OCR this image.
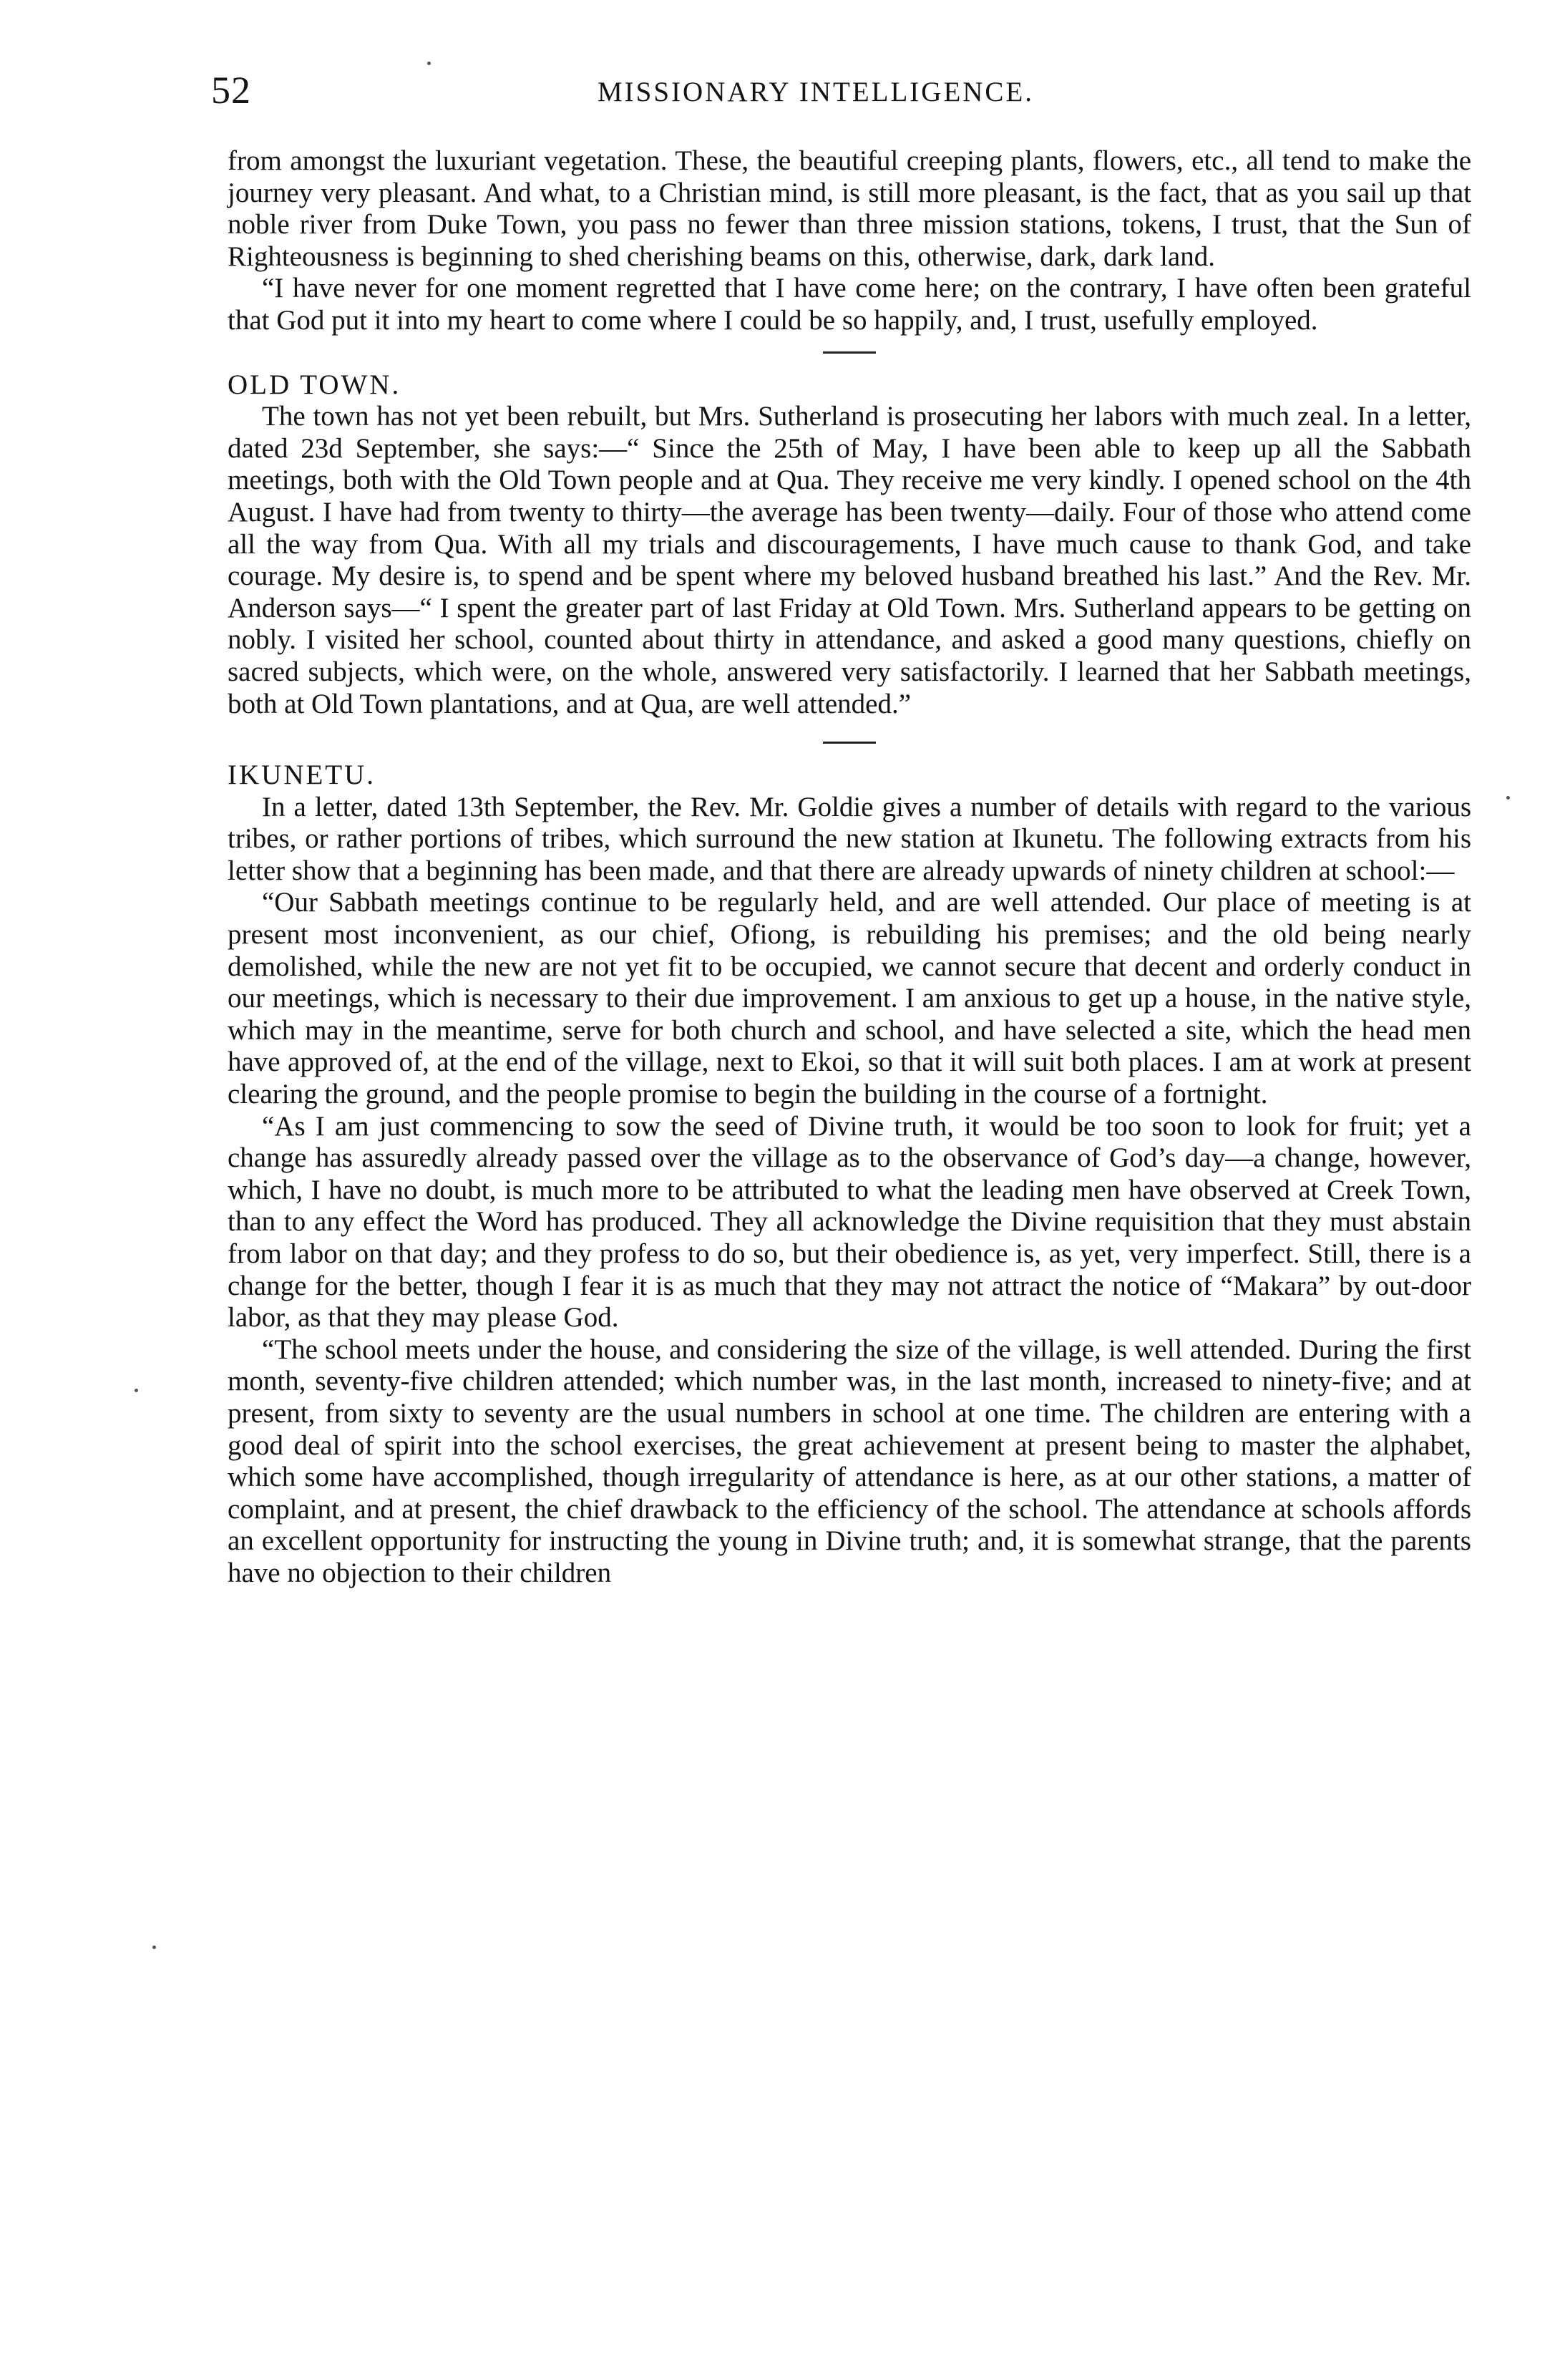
52	MISSIONARY INTELLIGENCE.

from amongst the luxuriant vegetation. These, the beautiful creeping plants, flowers, etc., all tend to make the journey very pleasant. And what, to a Christian mind, is still more pleasant, is the fact, that as you sail up that noble river from Duke Town, you pass no fewer than three mission stations, tokens, I trust, that the Sun of Righteousness is beginning to shed cherishing beams on this, otherwise, dark, dark land.

“I have never for one moment regretted that I have come here; on the contrary, I have often been grateful that God put it into my heart to come where I could be so happily, and, I trust, usefully employed.

OLD TOWN.

The town has not yet been rebuilt, but Mrs. Sutherland is prosecuting her labors with much zeal. In a letter, dated 23d September, she says:—“ Since the 25th of May, I have been able to keep up all the Sabbath meetings, both with the Old Town people and at Qua. They receive me very kindly. I opened school on the 4th August. I have had from twenty to thirty—the average has been twenty—daily. Four of those who attend come all the way from Qua. With all my trials and discouragements, I have much cause to thank God, and take courage. My desire is, to spend and be spent where my beloved husband breathed his last.” And the Rev. Mr. Anderson says—“ I spent the greater part of last Friday at Old Town. Mrs. Sutherland appears to be getting on nobly. I visited her school, counted about thirty in attendance, and asked a good many questions, chiefly on sacred subjects, which were, on the whole, answered very satisfactorily. I learned that her Sabbath meetings, both at Old Town plantations, and at Qua, are well attended.”

IKUNETU.

In a letter, dated 13th September, the Rev. Mr. Goldie gives a number of details with regard to the various tribes, or rather portions of tribes, which surround the new station at Ikunetu. The following extracts from his letter show that a beginning has been made, and that there are already upwards of ninety children at school:—

“Our Sabbath meetings continue to be regularly held, and are well attended. Our place of meeting is at present most inconvenient, as our chief, Ofiong, is rebuilding his premises; and the old being nearly demolished, while the new are not yet fit to be occupied, we cannot secure that decent and orderly conduct in our meetings, which is necessary to their due improvement. I am anxious to get up a house, in the native style, which may in the meantime, serve for both church and school, and have selected a site, which the head men have approved of, at the end of the village, next to Ekoi, so that it will suit both places. I am at work at present clearing the ground, and the people promise to begin the building in the course of a fortnight.

“As I am just commencing to sow the seed of Divine truth, it would be too soon to look for fruit; yet a change has assuredly already passed over the village as to the observance of God’s day—a change, however, which, I have no doubt, is much more to be attributed to what the leading men have observed at Creek Town, than to any effect the Word has produced. They all acknowledge the Divine requisition that they must abstain from labor on that day; and they profess to do so, but their obedience is, as yet, very imperfect. Still, there is a change for the better, though I fear it is as much that they may not attract the notice of “Makara” by out-door labor, as that they may please God.

“The school meets under the house, and considering the size of the village, is well attended. During the first month, seventy-five children attended; which number was, in the last month, increased to ninety-five; and at present, from sixty to seventy are the usual numbers in school at one time. The children are entering with a good deal of spirit into the school exercises, the great achievement at present being to master the alphabet, which some have accomplished, though irregularity of attendance is here, as at our other stations, a matter of complaint, and at present, the chief drawback to the efficiency of the school. The attendance at schools affords an excellent opportunity for instructing the young in Divine truth; and, it is somewhat strange, that the parents have no objection to their children
